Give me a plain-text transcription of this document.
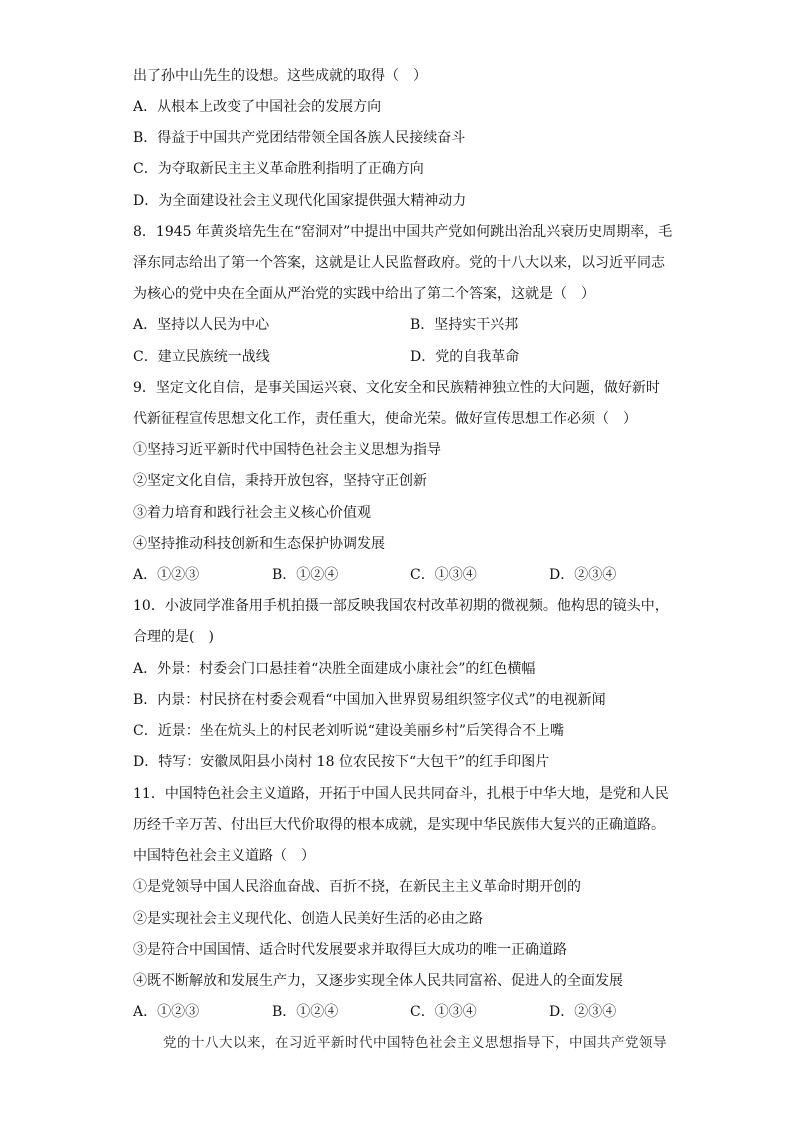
出了孙中山先生的设想。这些成就的取得（　）
A．从根本上改变了中国社会的发展方向
B．得益于中国共产党团结带领全国各族人民接续奋斗
C．为夺取新民主主义革命胜利指明了正确方向
D．为全面建设社会主义现代化国家提供强大精神动力
8．1945 年黄炎培先生在“窑洞对”中提出中国共产党如何跳出治乱兴衰历史周期率，毛
泽东同志给出了第一个答案，这就是让人民监督政府。党的十八大以来，以习近平同志
为核心的党中央在全面从严治党的实践中给出了第二个答案，这就是（　）
A．坚持以人民为中心	B．坚持实干兴邦
C．建立民族统一战线	D．党的自我革命
9．坚定文化自信，是事关国运兴衰、文化安全和民族精神独立性的大问题，做好新时
代新征程宣传思想文化工作，责任重大，使命光荣。做好宣传思想工作必须（　）
①坚持习近平新时代中国特色社会主义思想为指导
②坚定文化自信，秉持开放包容，坚持守正创新
③着力培育和践行社会主义核心价值观
④坚持推动科技创新和生态保护协调发展
A．①②③	B．①②④	C．①③④	D．②③④
10．小波同学准备用手机拍摄一部反映我国农村改革初期的微视频。他构思的镜头中，
合理的是(　)
A．外景：村委会门口悬挂着“决胜全面建成小康社会”的红色横幅
B．内景：村民挤在村委会观看“中国加入世界贸易组织签字仪式”的电视新闻
C．近景：坐在炕头上的村民老刘听说“建设美丽乡村”后笑得合不上嘴
D．特写：安徽凤阳县小岗村 18 位农民按下“大包干”的红手印图片
11．中国特色社会主义道路，开拓于中国人民共同奋斗，扎根于中华大地，是党和人民
历经千辛万苦、付出巨大代价取得的根本成就，是实现中华民族伟大复兴的正确道路。
中国特色社会主义道路（　）
①是党领导中国人民浴血奋战、百折不挠，在新民主主义革命时期开创的
②是实现社会主义现代化、创造人民美好生活的必由之路
③是符合中国国情、适合时代发展要求并取得巨大成功的唯一正确道路
④既不断解放和发展生产力，又逐步实现全体人民共同富裕、促进人的全面发展
A．①②③	B．①②④	C．①③④	D．②③④
党的十八大以来，在习近平新时代中国特色社会主义思想指导下，中国共产党领导
